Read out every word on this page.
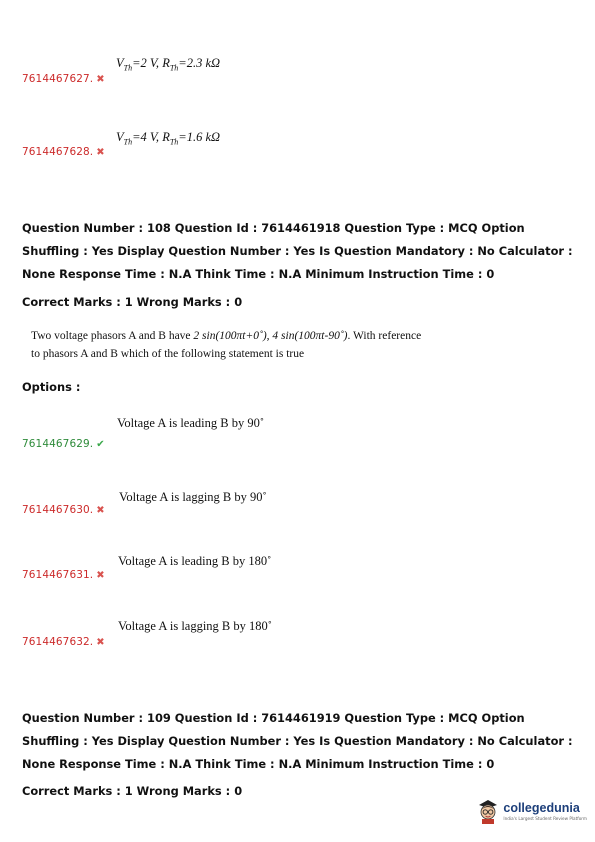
7614467627. ✖
$V_{Th}=2$ V, $R_{Th}=2.3$ kΩ
7614467628. ✖
$V_{Th}=4$ V, $R_{Th}=1.6$ kΩ
Question Number : 108 Question Id : 7614461918 Question Type : MCQ Option Shuffling : Yes Display Question Number : Yes Is Question Mandatory : No Calculator : None Response Time : N.A Think Time : N.A Minimum Instruction Time : 0
Correct Marks : 1 Wrong Marks : 0
Two voltage phasors A and B have 2 sin(100πt+0˚), 4 sin(100πt-90˚). With reference to phasors A and B which of the following statement is true
Options :
7614467629. ✔
Voltage A is leading B by 90˚
7614467630. ✖
Voltage A is lagging B by 90˚
7614467631. ✖
Voltage A is leading B by 180˚
7614467632. ✖
Voltage A is lagging B by 180˚
Question Number : 109 Question Id : 7614461919 Question Type : MCQ Option Shuffling : Yes Display Question Number : Yes Is Question Mandatory : No Calculator : None Response Time : N.A Think Time : N.A Minimum Instruction Time : 0
Correct Marks : 1 Wrong Marks : 0
collegedunia
India's Largest Student Review Platform
